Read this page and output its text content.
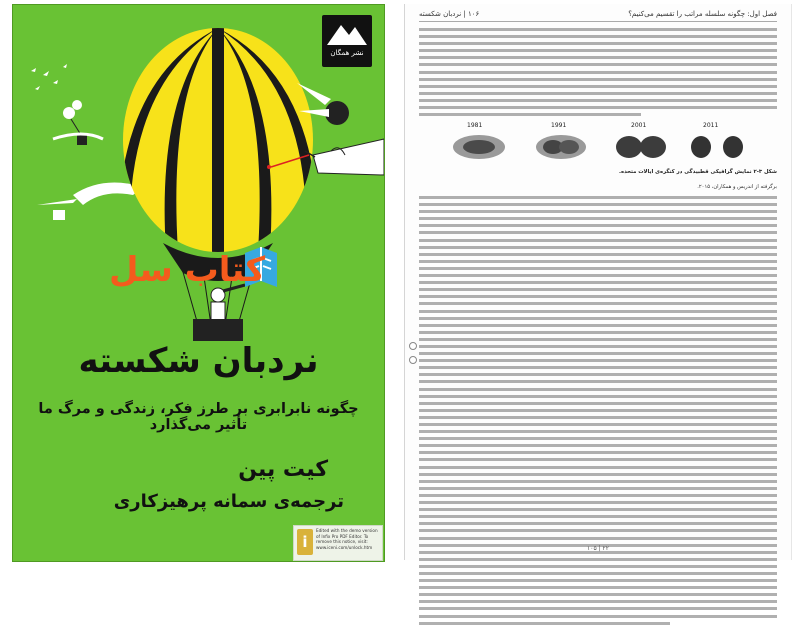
نشر همگان
کتاب سل
نردبان شکسته
چگونه نابرابری بر طرز فکر، زندگی و مرگ ما تأثیر می‌گذارد
کیت پین
ترجمه‌ی سمانه پرهیزکاری
i
Edited with the demo version of Infix Pro PDF Editor. To remove this notice, visit: www.iceni.com/unlock.htm
فصل اول: چگونه سلسله مراتب را تقسیم می‌کنیم؟
۱۰۶ | نردبان شکسته
1981	1991	2001	2011
شکل ۳-۲ نمایش گرافیکی قطبیدگی در کنگره‌ی ایالات متحده.
برگرفته از اندریس و همکاران، ۲۰۱۵.
۲۲ | ۱۰۵
